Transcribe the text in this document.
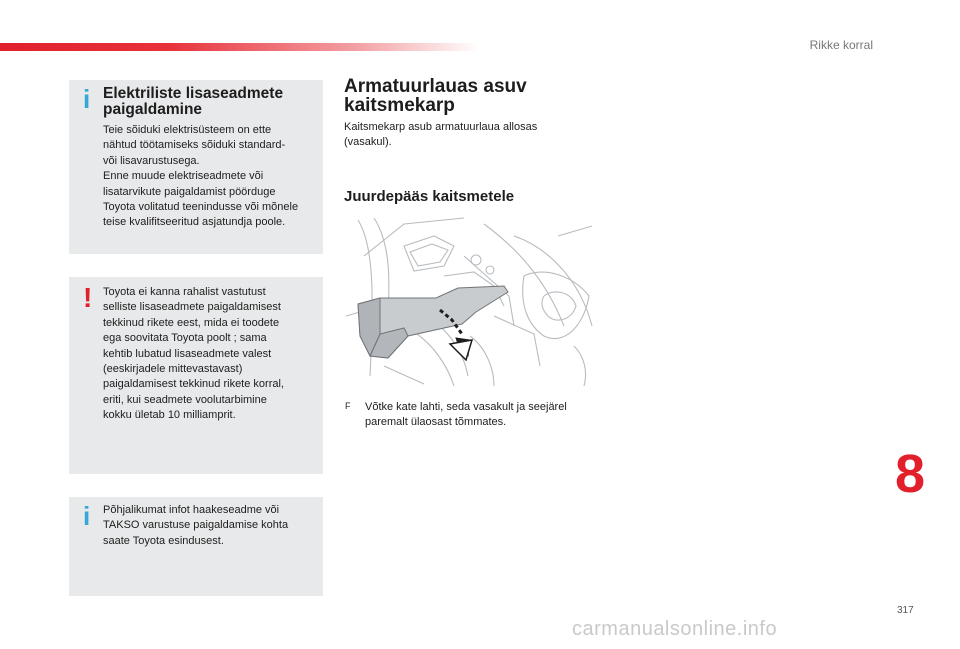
Rikke korral
i Elektriliste lisaseadmete paigaldamine
Teie sõiduki elektrisüsteem on ette
nähtud töötamiseks sõiduki standard-
või lisavarustusega.
Enne muude elektriseadmete või
lisatarvikute paigaldamist pöörduge
Toyota volitatud teenindusse või mõnele
teise kvalifitseeritud asjatundja poole.
! Toyota ei kanna rahalist vastutust
selliste lisaseadmete paigaldamisest
tekkinud rikete eest, mida ei toodete
ega soovitata Toyota poolt ; sama
kehtib lubatud lisaseadmete valest
(eeskirjadele mittevastavast)
paigaldamisest tekkinud rikete korral,
eriti, kui seadmete voolutarbimine
kokku ületab 10 milliamprit.
i Põhjalikumat infot haakeseadme või
TAKSO varustuse paigaldamise kohta
saate Toyota esindusest.
Armatuurlauas asuv
kaitsmekarp
Kaitsmekarp asub armatuurlaua allosas
(vasakul).
Juurdepääs kaitsmetele
F Võtke kate lahti, seda vasakult ja seejärel
paremalt ülaosast tõmmates.
8
317
carmanualsonline.info
